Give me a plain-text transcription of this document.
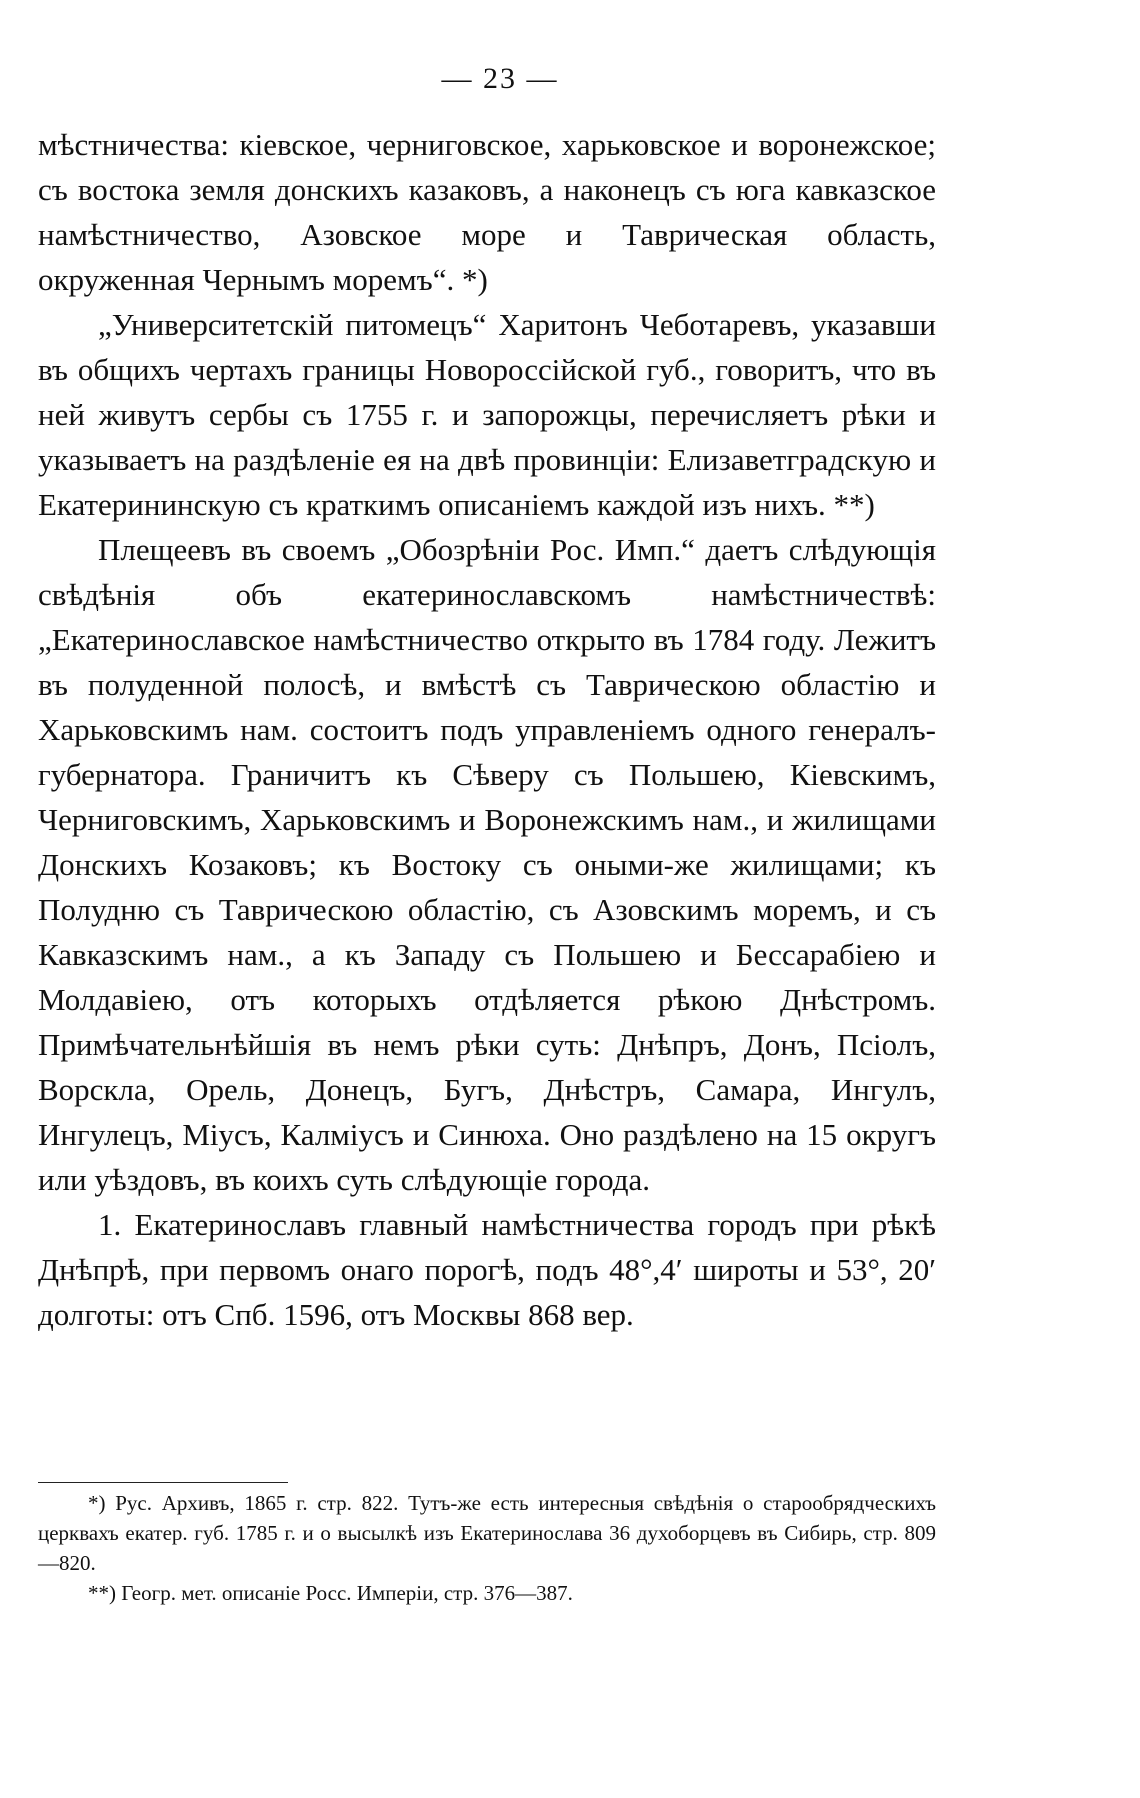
— 23 —

мѣстничества: кіевское, черниговское, харьковское и воронежское; съ востока земля донскихъ казаковъ, а наконецъ съ юга кавказское намѣстничество, Азовское море и Таврическая область, окруженная Чернымъ моремъ“. *)

„Университетскій питомецъ“ Харитонъ Чеботаревъ, указавши въ общихъ чертахъ границы Новороссійской губ., говоритъ, что въ ней живутъ сербы съ 1755 г. и запорожцы, перечисляетъ рѣки и указываетъ на раздѣленіе ея на двѣ провинціи: Елизаветградскую и Екатерининскую съ краткимъ описаніемъ каждой изъ нихъ. **)

Плещеевъ въ своемъ „Обозрѣніи Рос. Имп.“ даетъ слѣдующія свѣдѣнія объ екатеринославскомъ намѣстничествѣ: „Екатеринославское намѣстничество открыто въ 1784 году. Лежитъ въ полуденной полосѣ, и вмѣстѣ съ Таврическою областію и Харьковскимъ нам. состоитъ подъ управленіемъ одного генералъ-губернатора. Граничитъ къ Сѣверу съ Польшею, Кіевскимъ, Черниговскимъ, Харьковскимъ и Воронежскимъ нам., и жилищами Донскихъ Козаковъ; къ Востоку съ оными-же жилищами; къ Полудню съ Таврическою областію, съ Азовскимъ моремъ, и съ Кавказскимъ нам., а къ Западу съ Польшею и Бессарабіею и Молдавіею, отъ которыхъ отдѣляется рѣкою Днѣстромъ. Примѣчательнѣйшія въ немъ рѣки суть: Днѣпръ, Донъ, Псіолъ, Ворскла, Орель, Донецъ, Бугъ, Днѣстръ, Самара, Ингулъ, Ингулецъ, Міусъ, Калміусъ и Синюха. Оно раздѣлено на 15 округъ или уѣздовъ, въ коихъ суть слѣдующіе города.

1. Екатеринославъ главный намѣстничества городъ при рѣкѣ Днѣпрѣ, при первомъ онаго порогѣ, подъ 48°,4′ широты и 53°, 20′ долготы: отъ Спб. 1596, отъ Москвы 868 вер.

*) Рус. Архивъ, 1865 г. стр. 822. Тутъ-же есть интересныя свѣдѣнія о старообрядческихъ церквахъ екатер. губ. 1785 г. и о высылкѣ изъ Екатеринослава 36 духоборцевъ въ Сибирь, стр. 809—820.

**) Геогр. мет. описаніе Росс. Имперіи, стр. 376—387.
